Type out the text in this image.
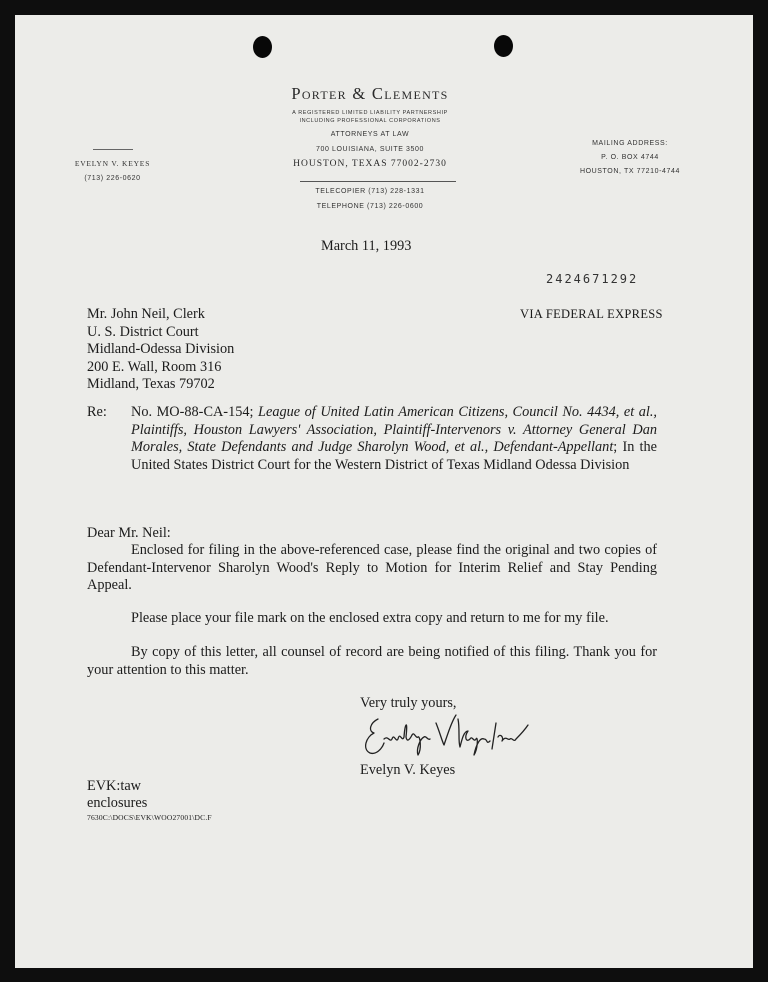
Porter & Clements
A REGISTERED LIMITED LIABILITY PARTNERSHIP
INCLUDING PROFESSIONAL CORPORATIONS
ATTORNEYS AT LAW
700 LOUISIANA, SUITE 3500
HOUSTON, TEXAS 77002-2730
TELECOPIER (713) 228-1331
TELEPHONE (713) 226-0600
EVELYN V. KEYES
(713) 226-0620
MAILING ADDRESS:
P. O. BOX 4744
HOUSTON, TX 77210-4744
March 11, 1993
2424671292
VIA FEDERAL EXPRESS
Mr. John Neil, Clerk
U. S. District Court
Midland-Odessa Division
200 E. Wall, Room 316
Midland, Texas 79702
Re: No. MO-88-CA-154; League of United Latin American Citizens, Council No. 4434, et al., Plaintiffs, Houston Lawyers' Association, Plaintiff-Intervenors v. Attorney General Dan Morales, State Defendants and Judge Sharolyn Wood, et al., Defendant-Appellant; In the United States District Court for the Western District of Texas Midland Odessa Division
Dear Mr. Neil:
Enclosed for filing in the above-referenced case, please find the original and two copies of Defendant-Intervenor Sharolyn Wood's Reply to Motion for Interim Relief and Stay Pending Appeal.
Please place your file mark on the enclosed extra copy and return to me for my file.
By copy of this letter, all counsel of record are being notified of this filing. Thank you for your attention to this matter.
Very truly yours,
Evelyn V. Keyes
EVK:taw
enclosures
7630C:\DOCS\EVK\WOO27001\DC.F
